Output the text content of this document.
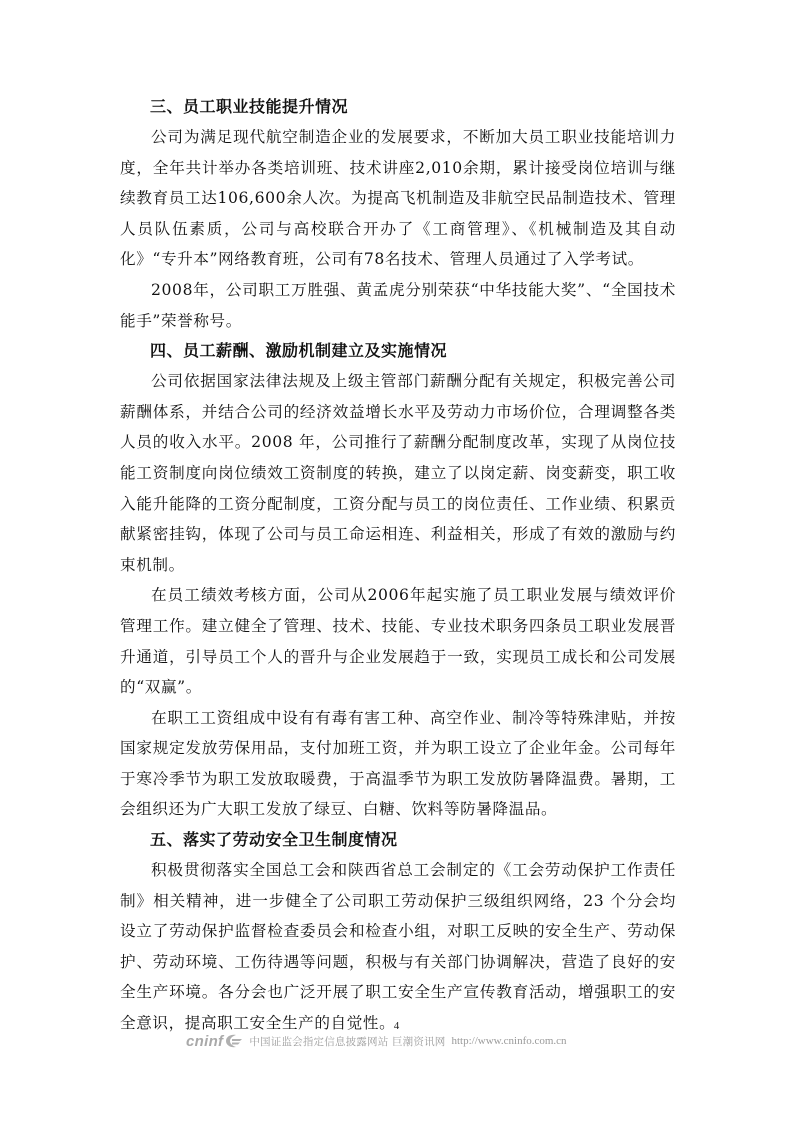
三、员工职业技能提升情况

公司为满足现代航空制造企业的发展要求，不断加大员工职业技能培训力度，全年共计举办各类培训班、技术讲座2,010余期，累计接受岗位培训与继续教育员工达106,600余人次。为提高飞机制造及非航空民品制造技术、管理人员队伍素质，公司与高校联合开办了《工商管理》、《机械制造及其自动化》“专升本”网络教育班，公司有78名技术、管理人员通过了入学考试。

2008年，公司职工万胜强、黄孟虎分别荣获“中华技能大奖”、“全国技术能手”荣誉称号。

四、员工薪酬、激励机制建立及实施情况

公司依据国家法律法规及上级主管部门薪酬分配有关规定，积极完善公司薪酬体系，并结合公司的经济效益增长水平及劳动力市场价位，合理调整各类人员的收入水平。2008 年，公司推行了薪酬分配制度改革，实现了从岗位技能工资制度向岗位绩效工资制度的转换，建立了以岗定薪、岗变薪变，职工收入能升能降的工资分配制度，工资分配与员工的岗位责任、工作业绩、积累贡献紧密挂钩，体现了公司与员工命运相连、利益相关，形成了有效的激励与约束机制。

在员工绩效考核方面，公司从2006年起实施了员工职业发展与绩效评价管理工作。建立健全了管理、技术、技能、专业技术职务四条员工职业发展晋升通道，引导员工个人的晋升与企业发展趋于一致，实现员工成长和公司发展的“双赢”。

在职工工资组成中设有有毒有害工种、高空作业、制冷等特殊津贴，并按国家规定发放劳保用品，支付加班工资，并为职工设立了企业年金。公司每年于寒冷季节为职工发放取暖费，于高温季节为职工发放防暑降温费。暑期，工会组织还为广大职工发放了绿豆、白糖、饮料等防暑降温品。

五、落实了劳动安全卫生制度情况

积极贯彻落实全国总工会和陕西省总工会制定的《工会劳动保护工作责任制》相关精神，进一步健全了公司职工劳动保护三级组织网络，23 个分会均设立了劳动保护监督检查委员会和检查小组，对职工反映的安全生产、劳动保护、劳动环境、工伤待遇等问题，积极与有关部门协调解决，营造了良好的安全生产环境。各分会也广泛开展了职工安全生产宣传教育活动，增强职工的安全意识，提高职工安全生产的自觉性。

4
cninf 中国证监会指定信息披露网站 巨潮资讯网 http://www.cninfo.com.cn
